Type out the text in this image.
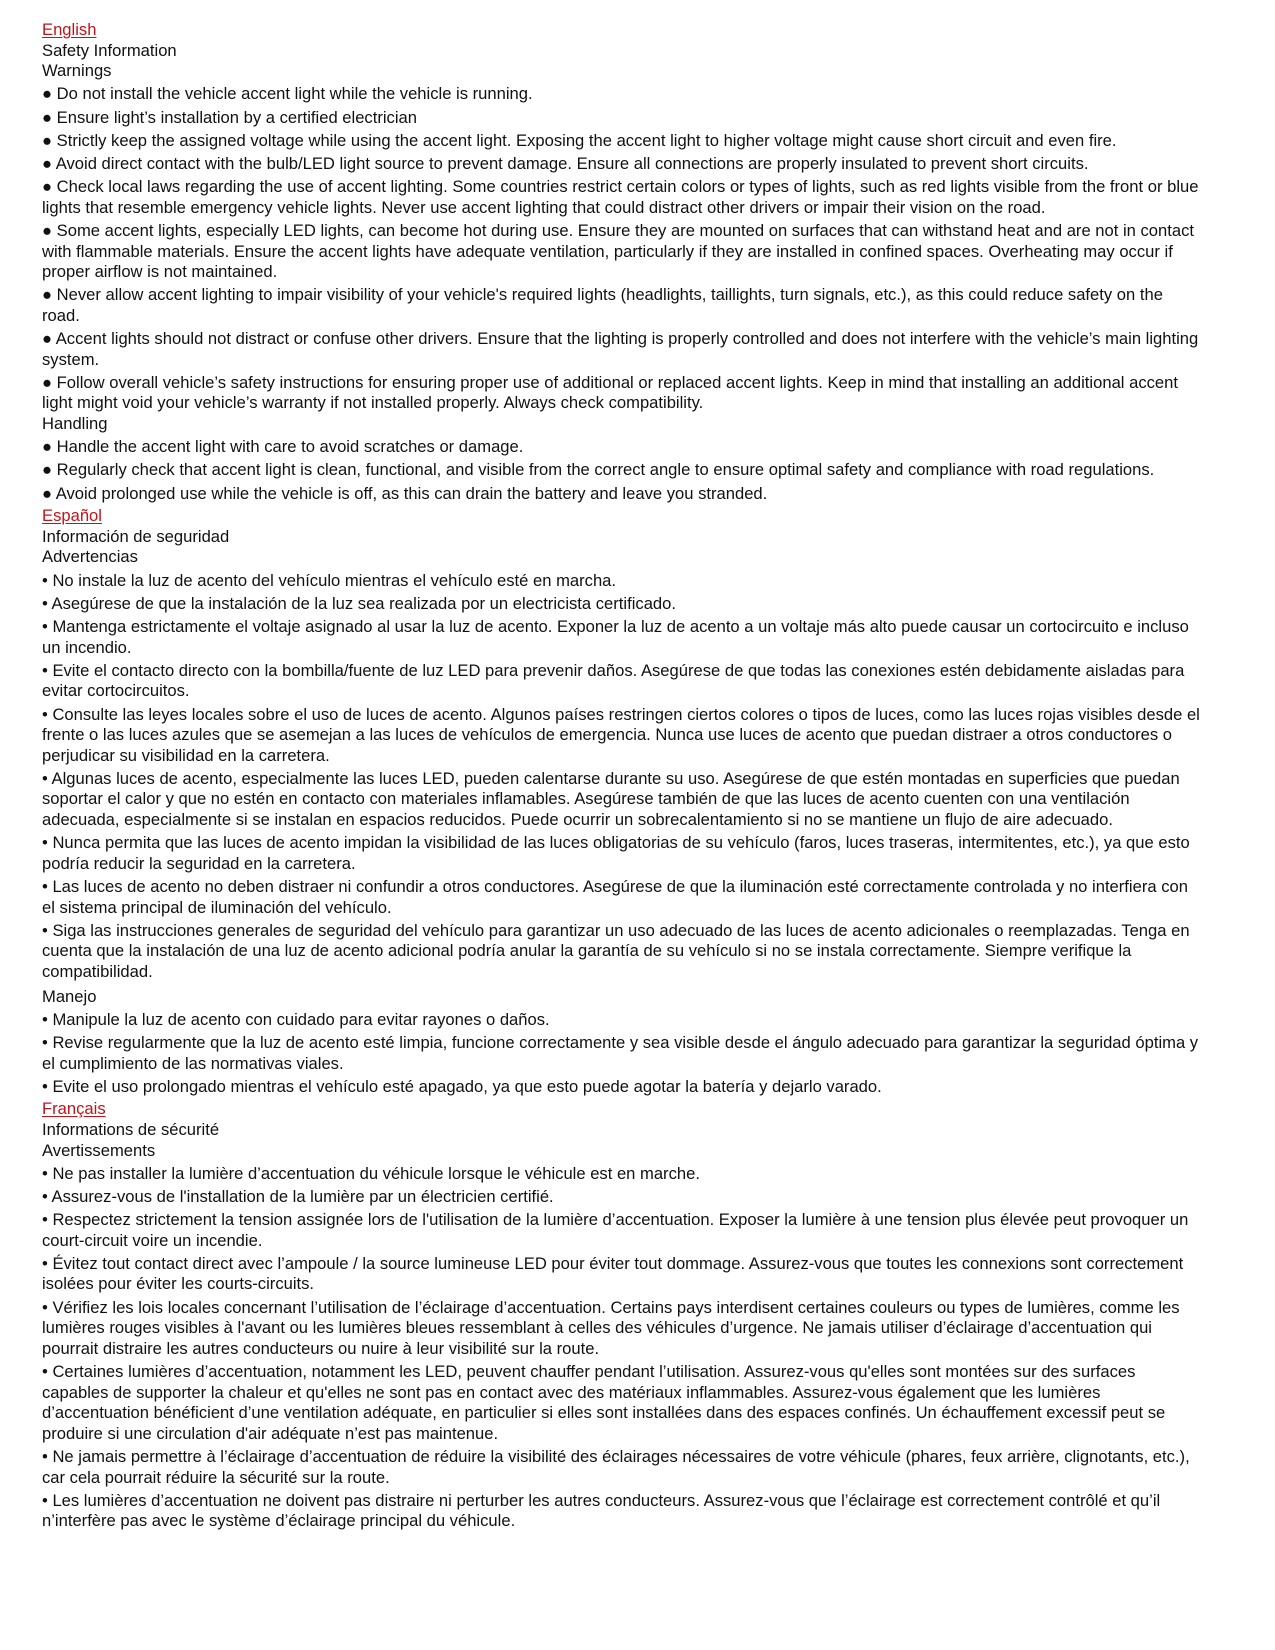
English
Safety Information
Warnings
● Do not install the vehicle accent light while the vehicle is running.
● Ensure light’s installation by a certified electrician
● Strictly keep the assigned voltage while using the accent light. Exposing the accent light to higher voltage might cause short circuit and even fire.
● Avoid direct contact with the bulb/LED light source to prevent damage. Ensure all connections are properly insulated to prevent short circuits.
● Check local laws regarding the use of accent lighting. Some countries restrict certain colors or types of lights, such as red lights visible from the front or blue lights that resemble emergency vehicle lights. Never use accent lighting that could distract other drivers or impair their vision on the road.
● Some accent lights, especially LED lights, can become hot during use. Ensure they are mounted on surfaces that can withstand heat and are not in contact with flammable materials. Ensure the accent lights have adequate ventilation, particularly if they are installed in confined spaces. Overheating may occur if proper airflow is not maintained.
● Never allow accent lighting to impair visibility of your vehicle's required lights (headlights, taillights, turn signals, etc.), as this could reduce safety on the road.
● Accent lights should not distract or confuse other drivers. Ensure that the lighting is properly controlled and does not interfere with the vehicle’s main lighting system.
● Follow overall vehicle’s safety instructions for ensuring proper use of additional or replaced accent lights. Keep in mind that installing an additional accent light might void your vehicle’s warranty if not installed properly. Always check compatibility.
Handling
● Handle the accent light with care to avoid scratches or damage.
● Regularly check that accent light is clean, functional, and visible from the correct angle to ensure optimal safety and compliance with road regulations.
● Avoid prolonged use while the vehicle is off, as this can drain the battery and leave you stranded.
Español
Información de seguridad
Advertencias
• No instale la luz de acento del vehículo mientras el vehículo esté en marcha.
• Asegúrese de que la instalación de la luz sea realizada por un electricista certificado.
• Mantenga estrictamente el voltaje asignado al usar la luz de acento. Exponer la luz de acento a un voltaje más alto puede causar un cortocircuito e incluso un incendio.
• Evite el contacto directo con la bombilla/fuente de luz LED para prevenir daños. Asegúrese de que todas las conexiones estén debidamente aisladas para evitar cortocircuitos.
• Consulte las leyes locales sobre el uso de luces de acento. Algunos países restringen ciertos colores o tipos de luces, como las luces rojas visibles desde el frente o las luces azules que se asemejan a las luces de vehículos de emergencia. Nunca use luces de acento que puedan distraer a otros conductores o perjudicar su visibilidad en la carretera.
• Algunas luces de acento, especialmente las luces LED, pueden calentarse durante su uso. Asegúrese de que estén montadas en superficies que puedan soportar el calor y que no estén en contacto con materiales inflamables. Asegúrese también de que las luces de acento cuenten con una ventilación adecuada, especialmente si se instalan en espacios reducidos. Puede ocurrir un sobrecalentamiento si no se mantiene un flujo de aire adecuado.
• Nunca permita que las luces de acento impidan la visibilidad de las luces obligatorias de su vehículo (faros, luces traseras, intermitentes, etc.), ya que esto podría reducir la seguridad en la carretera.
• Las luces de acento no deben distraer ni confundir a otros conductores. Asegúrese de que la iluminación esté correctamente controlada y no interfiera con el sistema principal de iluminación del vehículo.
• Siga las instrucciones generales de seguridad del vehículo para garantizar un uso adecuado de las luces de acento adicionales o reemplazadas. Tenga en cuenta que la instalación de una luz de acento adicional podría anular la garantía de su vehículo si no se instala correctamente. Siempre verifique la compatibilidad.
Manejo
• Manipule la luz de acento con cuidado para evitar rayones o daños.
• Revise regularmente que la luz de acento esté limpia, funcione correctamente y sea visible desde el ángulo adecuado para garantizar la seguridad óptima y el cumplimiento de las normativas viales.
• Evite el uso prolongado mientras el vehículo esté apagado, ya que esto puede agotar la batería y dejarlo varado.
Français
Informations de sécurité
Avertissements
• Ne pas installer la lumière d’accentuation du véhicule lorsque le véhicule est en marche.
• Assurez-vous de l'installation de la lumière par un électricien certifié.
• Respectez strictement la tension assignée lors de l'utilisation de la lumière d’accentuation. Exposer la lumière à une tension plus élevée peut provoquer un court-circuit voire un incendie.
• Évitez tout contact direct avec l’ampoule / la source lumineuse LED pour éviter tout dommage. Assurez-vous que toutes les connexions sont correctement isolées pour éviter les courts-circuits.
• Vérifiez les lois locales concernant l’utilisation de l’éclairage d’accentuation. Certains pays interdisent certaines couleurs ou types de lumières, comme les lumières rouges visibles à l'avant ou les lumières bleues ressemblant à celles des véhicules d’urgence. Ne jamais utiliser d’éclairage d’accentuation qui pourrait distraire les autres conducteurs ou nuire à leur visibilité sur la route.
• Certaines lumières d’accentuation, notamment les LED, peuvent chauffer pendant l’utilisation. Assurez-vous qu'elles sont montées sur des surfaces capables de supporter la chaleur et qu'elles ne sont pas en contact avec des matériaux inflammables. Assurez-vous également que les lumières d’accentuation bénéficient d’une ventilation adéquate, en particulier si elles sont installées dans des espaces confinés. Un échauffement excessif peut se produire si une circulation d'air adéquate n’est pas maintenue.
• Ne jamais permettre à l’éclairage d’accentuation de réduire la visibilité des éclairages nécessaires de votre véhicule (phares, feux arrière, clignotants, etc.), car cela pourrait réduire la sécurité sur la route.
• Les lumières d’accentuation ne doivent pas distraire ni perturber les autres conducteurs. Assurez-vous que l’éclairage est correctement contrôlé et qu’il n’interfère pas avec le système d’éclairage principal du véhicule.
